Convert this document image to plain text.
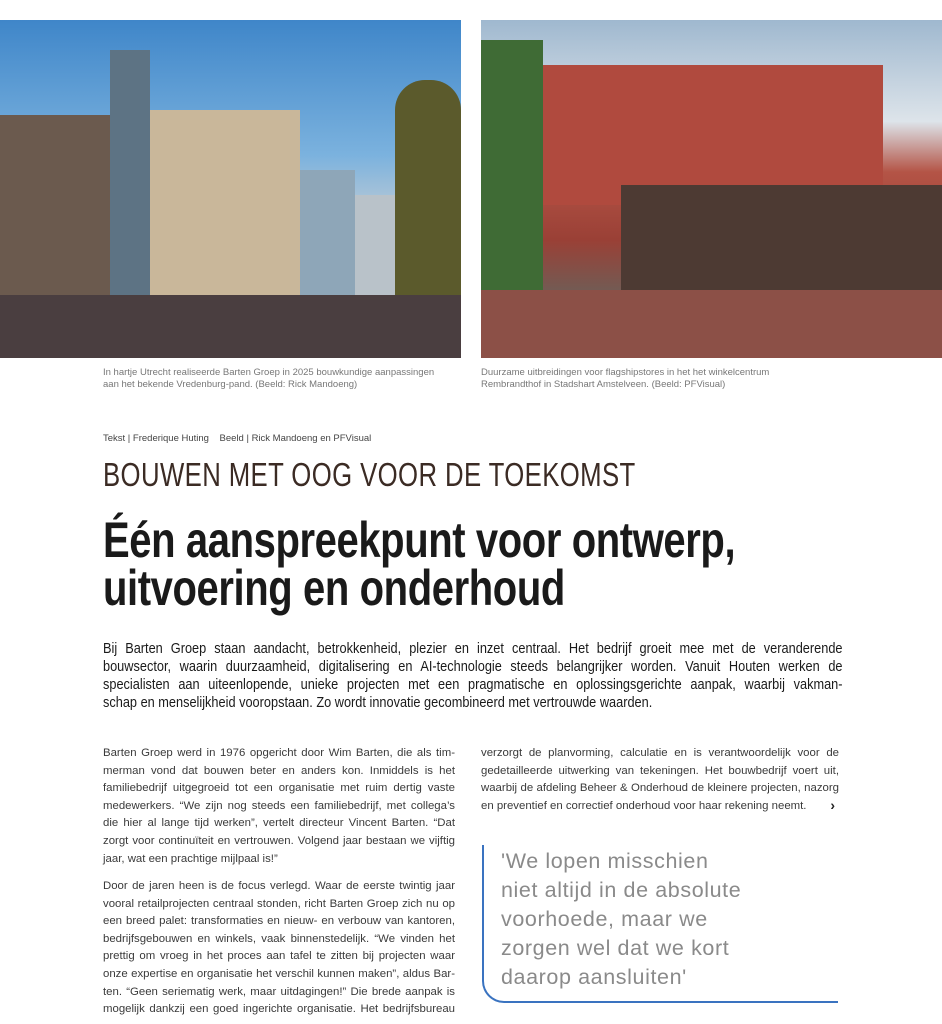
In hartje Utrecht realiseerde Barten Groep in 2025 bouwkundige aanpassingen
aan het bekende Vredenburg-pand. (Beeld: Rick Mandoeng)
Duurzame uitbreidingen voor flagshipstores in het het winkelcentrum
Rembrandthof in Stadshart Amstelveen. (Beeld: PFVisual)
Tekst | Frederique Huting    Beeld | Rick Mandoeng en PFVisual
BOUWEN MET OOG VOOR DE TOEKOMST
Één aanspreekpunt voor ontwerp,
uitvoering en onderhoud
Bij Barten Groep staan aandacht, betrokkenheid, plezier en inzet centraal. Het bedrijf groeit mee met de veranderende
bouwsector, waarin duurzaamheid, digitalisering en AI-technologie steeds belangrijker worden. Vanuit Houten werken de
specialisten aan uiteenlopende, unieke projecten met een pragmatische en oplossingsgerichte aanpak, waarbij vakman-
schap en menselijkheid vooropstaan. Zo wordt innovatie gecombineerd met vertrouwde waarden.
Barten Groep werd in 1976 opgericht door Wim Barten, die als tim-
merman vond dat bouwen beter en anders kon. Inmiddels is het
familiebedrijf uitgegroeid tot een organisatie met ruim dertig vaste
medewerkers. “We zijn nog steeds een familiebedrijf, met collega’s
die hier al lange tijd werken”, vertelt directeur Vincent Barten. “Dat
zorgt voor continuïteit en vertrouwen. Volgend jaar bestaan we vijftig
jaar, wat een prachtige mijlpaal is!”
Door de jaren heen is de focus verlegd. Waar de eerste twintig jaar
vooral retailprojecten centraal stonden, richt Barten Groep zich nu op
een breed palet: transformaties en nieuw- en verbouw van kantoren,
bedrijfsgebouwen en winkels, vaak binnenstedelijk. “We vinden het
prettig om vroeg in het proces aan tafel te zitten bij projecten waar
onze expertise en organisatie het verschil kunnen maken”, aldus Bar-
ten. “Geen seriematig werk, maar uitdagingen!” Die brede aanpak is
mogelijk dankzij een goed ingerichte organisatie. Het bedrijfsbureau
verzorgt de planvorming, calculatie en is verantwoordelijk voor de
gedetailleerde uitwerking van tekeningen. Het bouwbedrijf voert uit,
waarbij de afdeling Beheer & Onderhoud de kleinere projecten, nazorg
en preventief en correctief onderhoud voor haar rekening neemt. ›
'We lopen misschien
niet altijd in de absolute
voorhoede, maar we
zorgen wel dat we kort
daarop aansluiten'
